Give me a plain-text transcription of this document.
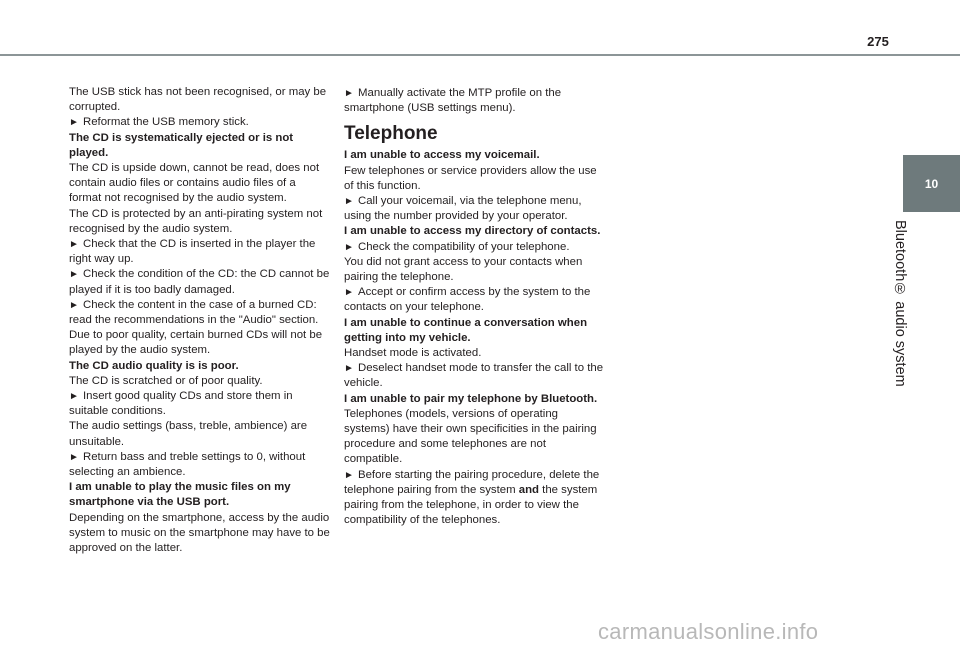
275
10
Bluetooth® audio system

The USB stick has not been recognised, or may be corrupted.

► Reformat the USB memory stick.

The CD is systematically ejected or is not played.

The CD is upside down, cannot be read, does not contain audio files or contains audio files of a format not recognised by the audio system.

The CD is protected by an anti-pirating system not recognised by the audio system.

► Check that the CD is inserted in the player the right way up.

► Check the condition of the CD: the CD cannot be played if it is too badly damaged.

► Check the content in the case of a burned CD: read the recommendations in the "Audio" section.

Due to poor quality, certain burned CDs will not be played by the audio system.

The CD audio quality is is poor.

The CD is scratched or of poor quality.

► Insert good quality CDs and store them in suitable conditions.

The audio settings (bass, treble, ambience) are unsuitable.

► Return bass and treble settings to 0, without selecting an ambience.

I am unable to play the music files on my smartphone via the USB port.

Depending on the smartphone, access by the audio system to music on the smartphone may have to be approved on the latter.

► Manually activate the MTP profile on the smartphone (USB settings menu).

Telephone

I am unable to access my voicemail.

Few telephones or service providers allow the use of this function.

► Call your voicemail, via the telephone menu, using the number provided by your operator.

I am unable to access my directory of contacts.

► Check the compatibility of your telephone.

You did not grant access to your contacts when pairing the telephone.

► Accept or confirm access by the system to the contacts on your telephone.

I am unable to continue a conversation when getting into my vehicle.

Handset mode is activated.

► Deselect handset mode to transfer the call to the vehicle.

I am unable to pair my telephone by Bluetooth.

Telephones (models, versions of operating systems) have their own specificities in the pairing procedure and some telephones are not compatible.

► Before starting the pairing procedure, delete the telephone pairing from the system and the system pairing from the telephone, in order to view the compatibility of the telephones.

carmanualsonline.info
